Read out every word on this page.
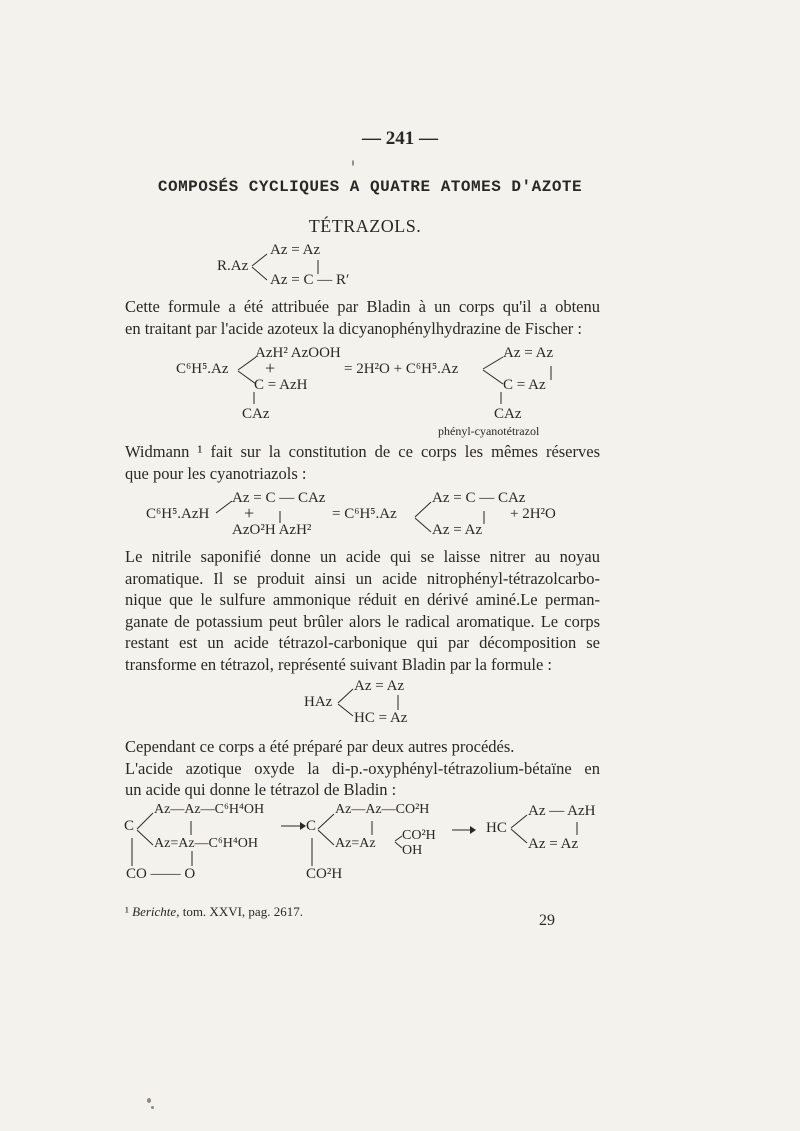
— 241 —
COMPOSÉS CYCLIQUES A QUATRE ATOMES D'AZOTE
TÉTRAZOLS.
Az = Az
R.Az
Az = C — R′
Cette formule a été attribuée par Bladin à un corps qu'il a obtenu
en traitant par l'acide azoteux la dicyanophénylhydrazine de Fischer :
AzH² AzOOH
C⁶H⁵.Az +
C = AzH
CAz
= 2H²O + C⁶H⁵.Az
Az = Az
C = Az
CAz
phényl-cyanotétrazol
Widmann ¹ fait sur la constitution de ce corps les mêmes réserves
que pour les cyanotriazols :
Az = C — CAz
C⁶H⁵.AzH +
AzO²H AzH²
= C⁶H⁵.Az
Az = C — CAz
Az = Az
+ 2H²O
Le nitrile saponifié donne un acide qui se laisse nitrer au noyau
aromatique. Il se produit ainsi un acide nitrophényl-tétrazolcarbo-
nique que le sulfure ammonique réduit en dérivé aminé.Le perman-
ganate de potassium peut brûler alors le radical aromatique. Le corps
restant est un acide tétrazol-carbonique qui par décomposition se
transforme en tétrazol, représenté suivant Bladin par la formule :
Az = Az
HAz
HC = Az
Cependant ce corps a été préparé par deux autres procédés.
L'acide azotique oxyde la di-p.-oxyphényl-tétrazolium-bétaïne en
un acide qui donne le tétrazol de Bladin :
C
Az—Az—C⁶H⁴OH
Az=Az—C⁶H⁴OH
CO —— O
C
Az—Az—CO²H
Az=Az
CO²H
OH
CO²H
HC
Az — AzH
Az = Az
¹ Berichte, tom. XXVI, pag. 2617.
29
